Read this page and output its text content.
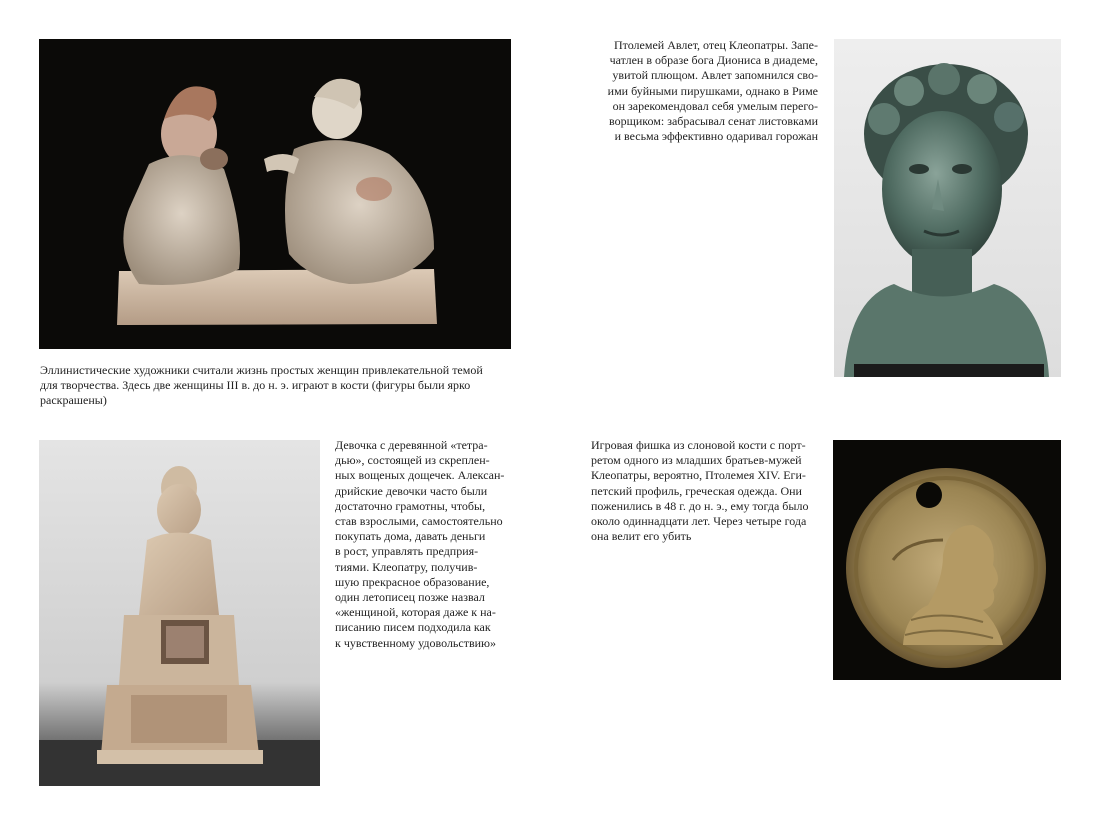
Эллинистические художники считали жизнь простых женщин привлекательной темой
для творчества. Здесь две женщины III в. до н. э. играют в кости (фигуры были ярко
раскрашены)
Птолемей Авлет, отец Клеопатры. Запе-
чатлен в образе бога Диониса в диадеме,
увитой плющом. Авлет запомнился сво-
ими буйными пирушками, однако в Риме
он зарекомендовал себя умелым перего-
ворщиком: забрасывал сенат листовками
и весьма эффективно одаривал горожан
Девочка с деревянной «тетра-
дью», состоящей из скреплен-
ных вощеных дощечек. Алексан-
дрийские девочки часто были
достаточно грамотны, чтобы,
став взрослыми, самостоятельно
покупать дома, давать деньги
в рост, управлять предприя-
тиями. Клеопатру, получив-
шую прекрасное образование,
один летописец позже назвал
«женщиной, которая даже к на-
писанию писем подходила как
к чувственному удовольствию»
Игровая фишка из слоновой кости с порт-
ретом одного из младших братьев-мужей
Клеопатры, вероятно, Птолемея XIV. Еги-
петский профиль, греческая одежда. Они
поженились в 48 г. до н. э., ему тогда было
около одиннадцати лет. Через четыре года
она велит его убить
